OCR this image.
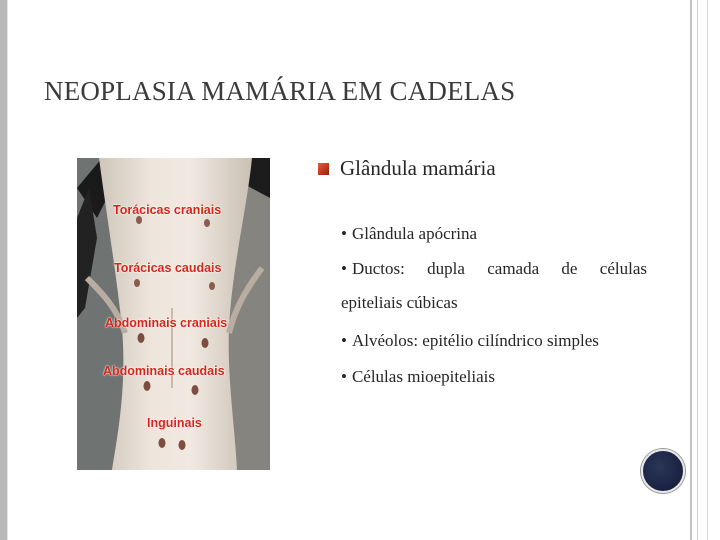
NEOPLASIA MAMÁRIA EM CADELAS
Torácicas craniais
Torácicas caudais
Abdominais craniais
Abdominais caudais
Inguinais
Glândula mamária
• Glândula apócrina
• Ductos: dupla camada de células
epiteliais cúbicas
• Alvéolos: epitélio cilíndrico simples
• Células mioepiteliais
